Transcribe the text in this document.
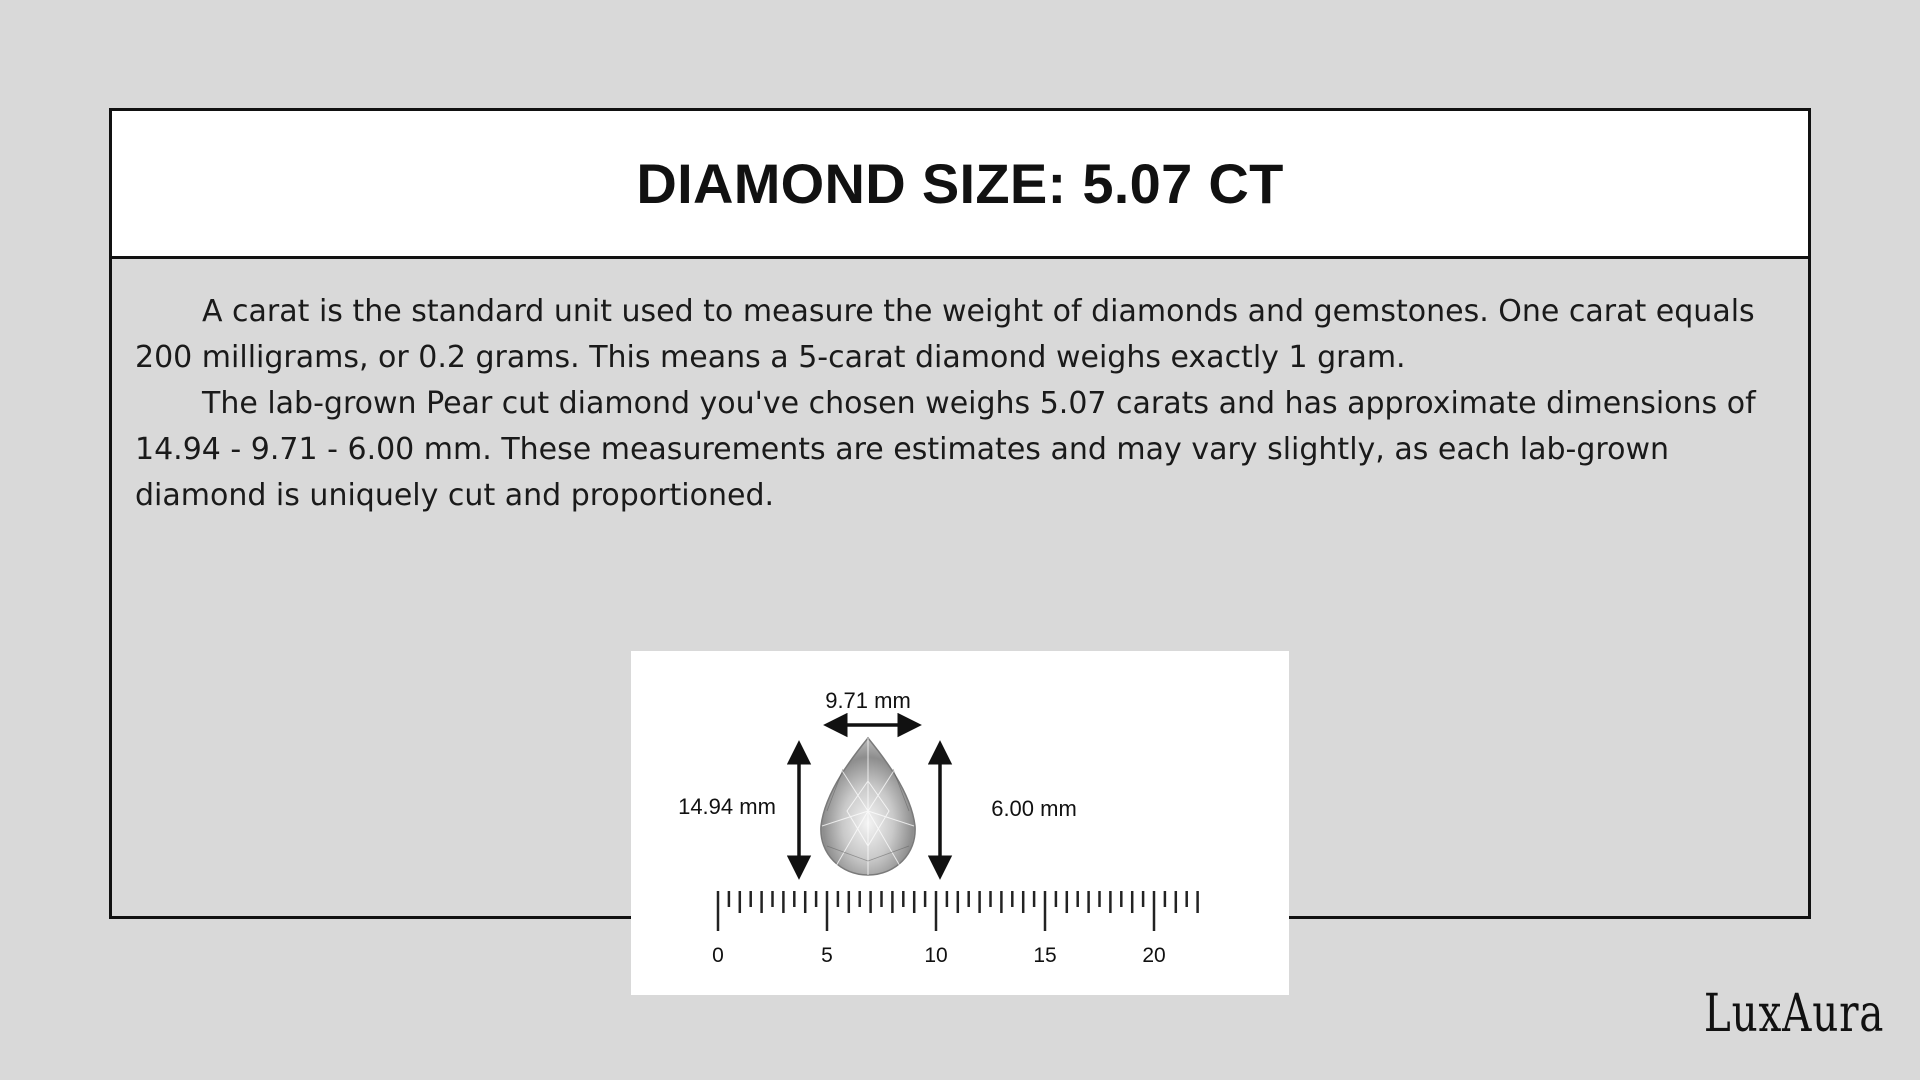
DIAMOND SIZE: 5.07 CT

A carat is the standard unit used to measure the weight of diamonds and gemstones. One carat equals 200 milligrams, or 0.2 grams. This means a 5-carat diamond weighs exactly 1 gram.

The lab-grown Pear cut diamond you've chosen weighs 5.07 carats and has approximate dimensions of 14.94 - 9.71 - 6.00 mm. These measurements are estimates and may vary slightly, as each lab-grown diamond is uniquely cut and proportioned.

9.71 mm
14.94 mm	6.00 mm
0	5	10	15	20
LuxAura
